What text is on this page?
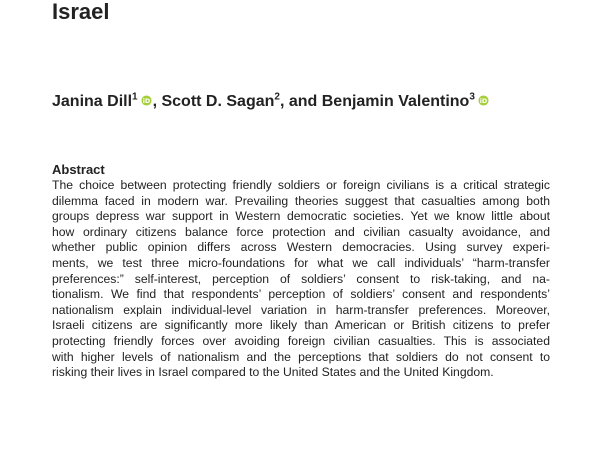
Israel
Janina Dill$^1$ iD , Scott D. Sagan$^2$, and Benjamin Valentino$^3$ iD
Abstract
The choice between protecting friendly soldiers or foreign civilians is a critical strategic
dilemma faced in modern war. Prevailing theories suggest that casualties among both
groups depress war support in Western democratic societies. Yet we know little about
how ordinary citizens balance force protection and civilian casualty avoidance, and
whether public opinion differs across Western democracies. Using survey experi-
ments, we test three micro-foundations for what we call individuals’ “harm-transfer
preferences:” self-interest, perception of soldiers’ consent to risk-taking, and na-
tionalism. We find that respondents’ perception of soldiers’ consent and respondents’
nationalism explain individual-level variation in harm-transfer preferences. Moreover,
Israeli citizens are significantly more likely than American or British citizens to prefer
protecting friendly forces over avoiding foreign civilian casualties. This is associated
with higher levels of nationalism and the perceptions that soldiers do not consent to
risking their lives in Israel compared to the United States and the United Kingdom.
